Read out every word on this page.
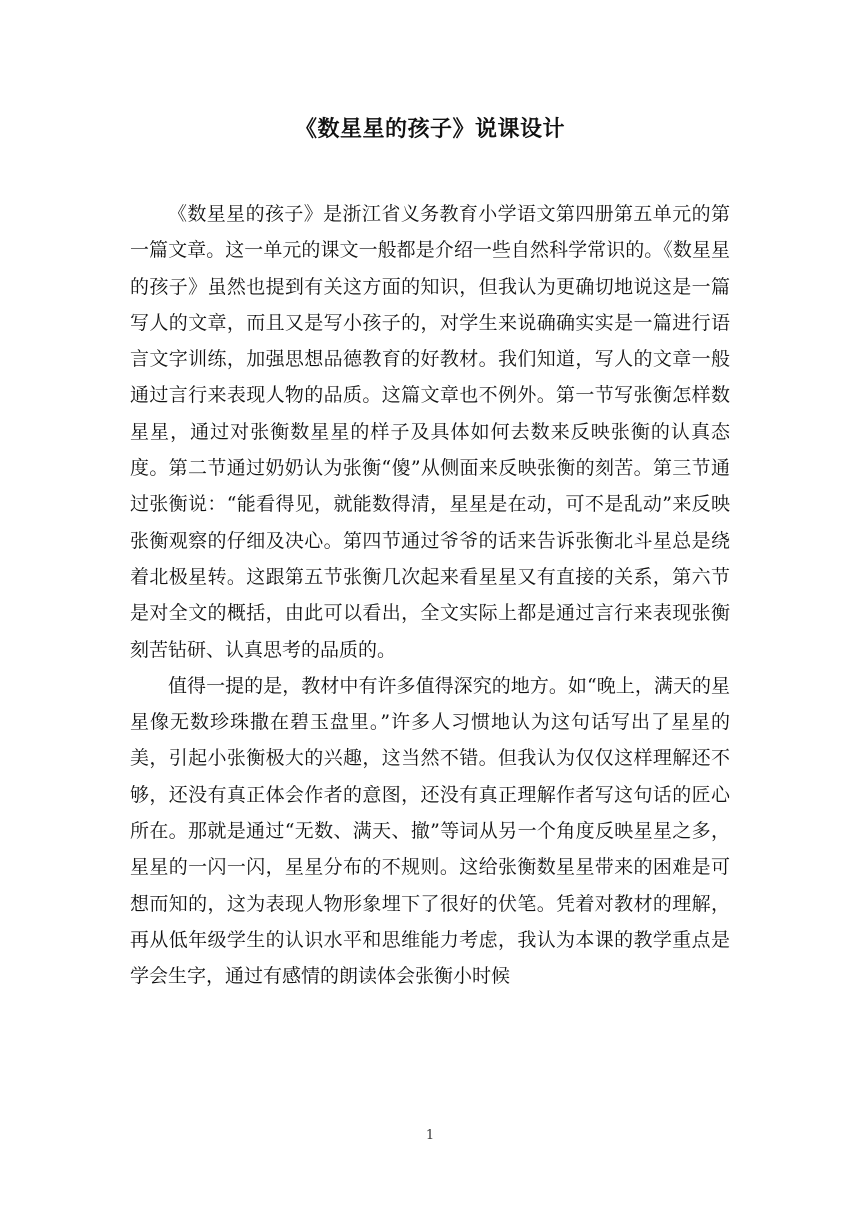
《数星星的孩子》说课设计

《数星星的孩子》是浙江省义务教育小学语文第四册第五单元的第一篇文章。这一单元的课文一般都是介绍一些自然科学常识的。《数星星的孩子》虽然也提到有关这方面的知识，但我认为更确切地说这是一篇写人的文章，而且又是写小孩子的，对学生来说确确实实是一篇进行语言文字训练，加强思想品德教育的好教材。我们知道，写人的文章一般通过言行来表现人物的品质。这篇文章也不例外。第一节写张衡怎样数星星，通过对张衡数星星的样子及具体如何去数来反映张衡的认真态度。第二节通过奶奶认为张衡“傻”从侧面来反映张衡的刻苦。第三节通过张衡说：“能看得见，就能数得清，星星是在动，可不是乱动”来反映张衡观察的仔细及决心。第四节通过爷爷的话来告诉张衡北斗星总是绕着北极星转。这跟第五节张衡几次起来看星星又有直接的关系，第六节是对全文的概括，由此可以看出，全文实际上都是通过言行来表现张衡刻苦钻研、认真思考的品质的。

值得一提的是，教材中有许多值得深究的地方。如“晚上，满天的星星像无数珍珠撒在碧玉盘里。”许多人习惯地认为这句话写出了星星的美，引起小张衡极大的兴趣，这当然不错。但我认为仅仅这样理解还不够，还没有真正体会作者的意图，还没有真正理解作者写这句话的匠心所在。那就是通过“无数、满天、撤”等词从另一个角度反映星星之多，星星的一闪一闪，星星分布的不规则。这给张衡数星星带来的困难是可想而知的，这为表现人物形象埋下了很好的伏笔。凭着对教材的理解，再从低年级学生的认识水平和思维能力考虑，我认为本课的教学重点是学会生字，通过有感情的朗读体会张衡小时候

1
